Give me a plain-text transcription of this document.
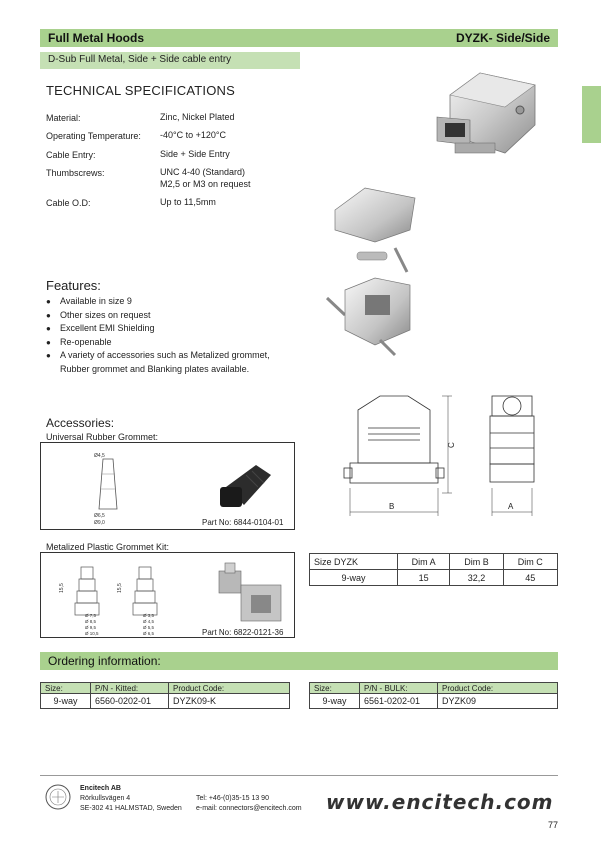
Full Metal Hoods	DYZK- Side/Side
D-Sub Full Metal, Side + Side cable entry
TECHNICAL SPECIFICATIONS
Material:	Zinc, Nickel Plated
Operating Temperature: -40°C to +120°C
Cable Entry:	Side + Side Entry
Thumbscrews:	UNC 4-40 (Standard)
M2,5 or M3 on request
Cable O.D:	Up to 11,5mm
Features:
● Available in size 9
● Other sizes on request
● Excellent EMI Shielding
● Re-openable
● A variety of accessories such as Metalized grommet,
Rubber grommet and Blanking plates available.
Accessories:
Universal Rubber Grommet:
Ø4,5
Ø6,5
Ø9,0	Part No: 6844-0104-01
Metalized Plastic Grommet Kit:
15,5
Ø 7,5
Ø 8,5
Ø 9,5
Ø 10,5
15,5
Ø 3,5
Ø 4,5
Ø 5,5
Ø 6,5	Part No: 6822-0121-36
B
C
A
Size DYZK	Dim A	Dim B	Dim C
9-way	15	32,2	45
Ordering information:
Size:	P/N - Kitted:	Product Code:
9-way	6560-0202-01	DYZK09-K
Size:	P/N - BULK:	Product Code:
9-way	6561-0202-01	DYZK09
Encitech AB
Rörkullsvägen 4
SE-302 41 HALMSTAD, Sweden
Tel: +46-(0)35-15 13 90
e-mail: connectors@encitech.com www.encitech.com
77
